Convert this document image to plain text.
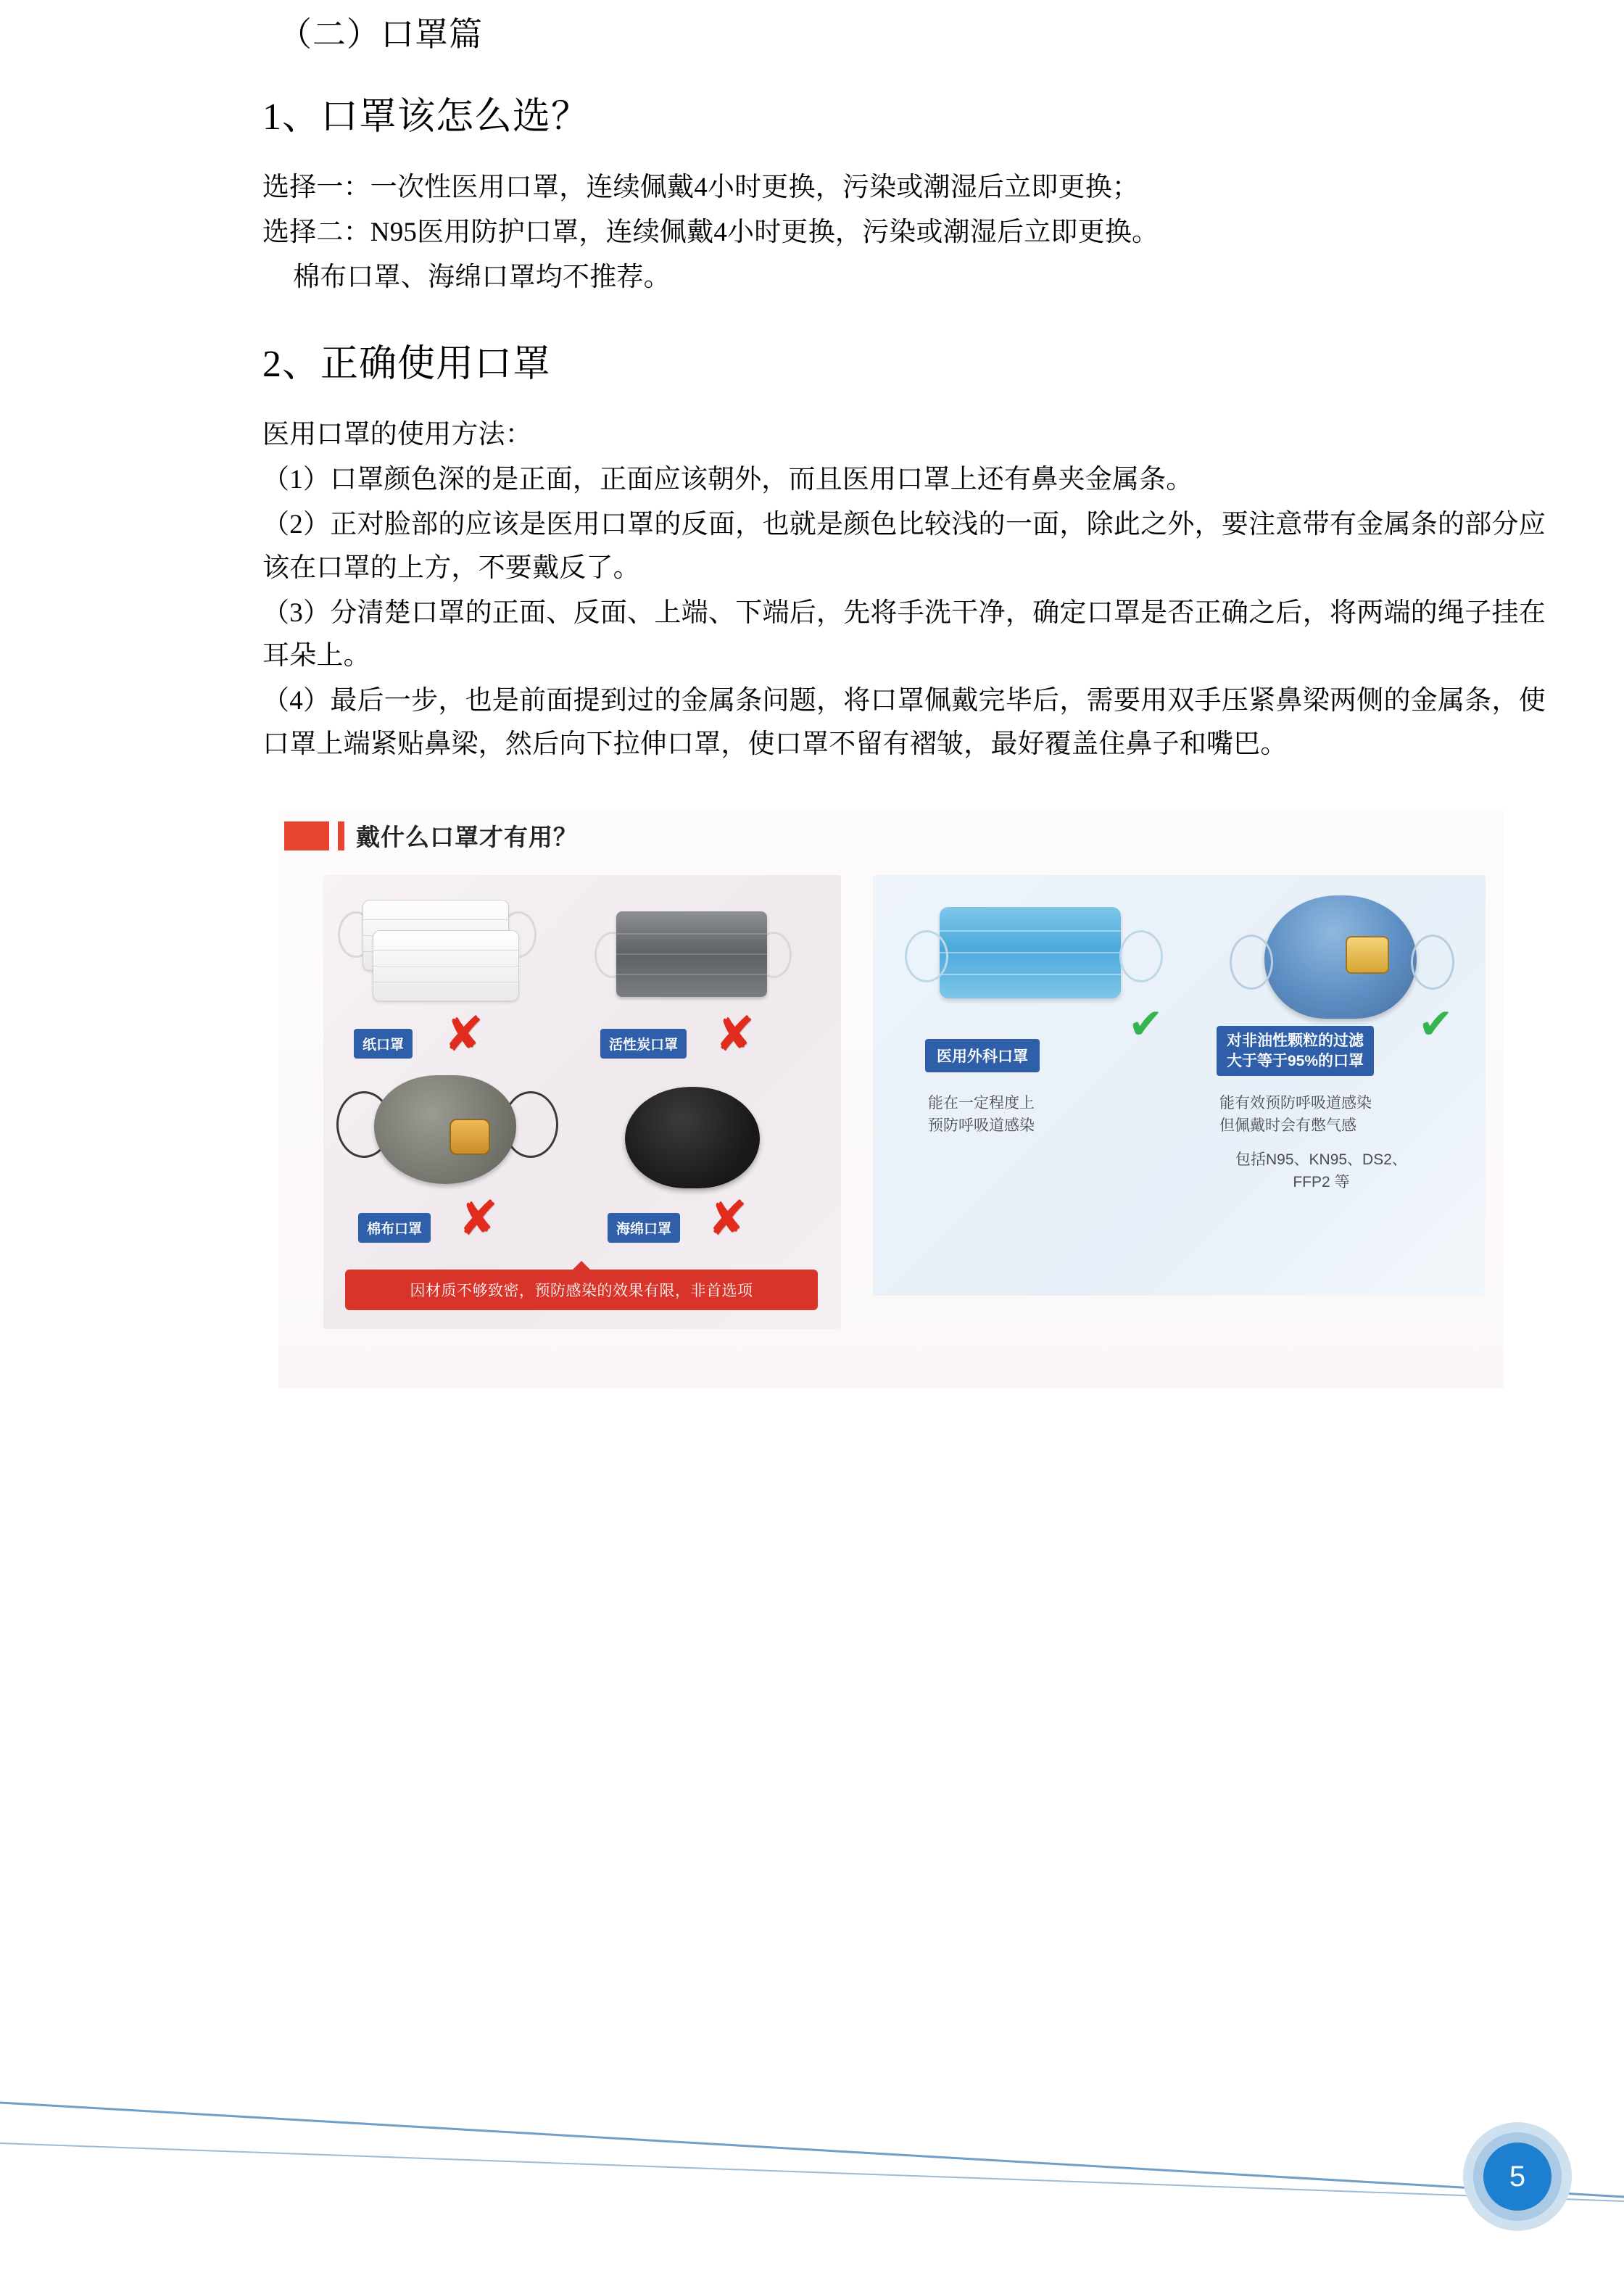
（二）口罩篇
1、口罩该怎么选？
选择一：一次性医用口罩，连续佩戴4小时更换，污染或潮湿后立即更换；
选择二：N95医用防护口罩，连续佩戴4小时更换，污染或潮湿后立即更换。
棉布口罩、海绵口罩均不推荐。
2、正确使用口罩
医用口罩的使用方法：
（1）口罩颜色深的是正面，正面应该朝外，而且医用口罩上还有鼻夹金属条。
（2）正对脸部的应该是医用口罩的反面，也就是颜色比较浅的一面，除此之外，要注意带有金属条的部分应该在口罩的上方，不要戴反了。
（3）分清楚口罩的正面、反面、上端、下端后，先将手洗干净，确定口罩是否正确之后，将两端的绳子挂在耳朵上。
（4）最后一步，也是前面提到过的金属条问题，将口罩佩戴完毕后，需要用双手压紧鼻梁两侧的金属条，使口罩上端紧贴鼻梁，然后向下拉伸口罩，使口罩不留有褶皱，最好覆盖住鼻子和嘴巴。
戴什么口罩才有用？
纸口罩 ✘	活性炭口罩 ✘
棉布口罩 ✘	海绵口罩 ✘
因材质不够致密，预防感染的效果有限，非首选项
✔	✔
医用外科口罩
对非油性颗粒的过滤
大于等于95%的口罩
能在一定程度上
预防呼吸道感染
能有效预防呼吸道感染
但佩戴时会有憋气感
包括N95、KN95、DS2、
FFP2 等
5
